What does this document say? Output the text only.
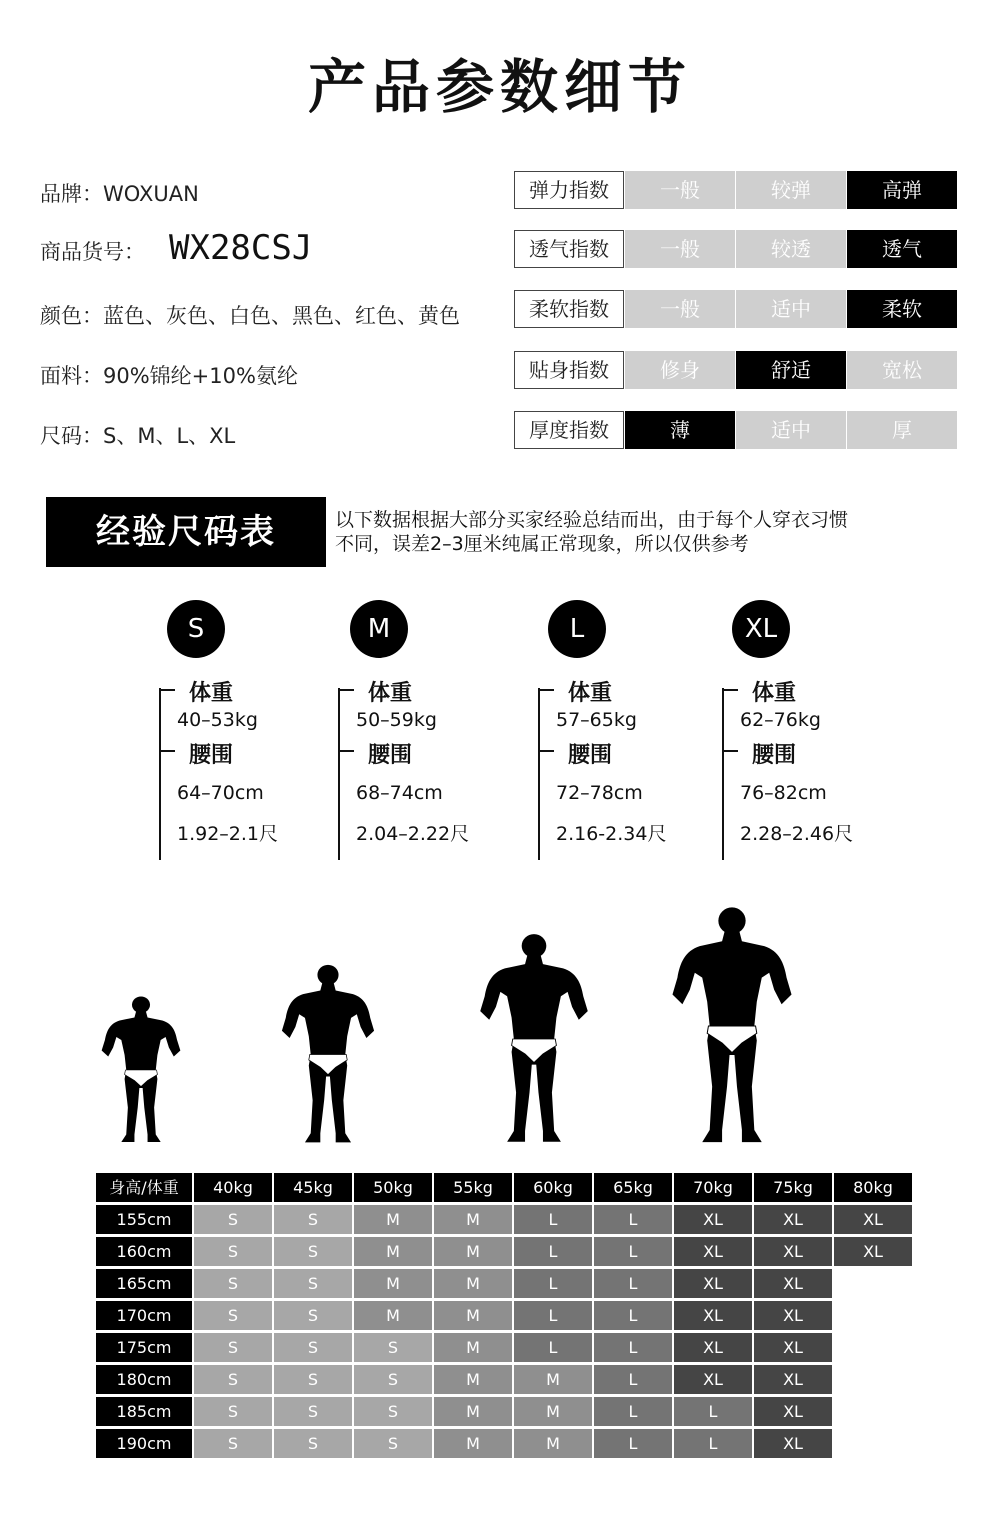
产品参数细节
品牌：WOXUAN
商品货号： WX28CSJ
颜色：蓝色、灰色、白色、黑色、红色、黄色
面料：90%锦纶+10%氨纶
尺码：S、M、L、XL
弹力指数	一般	较弹	高弹
透气指数	一般	较透	透气
柔软指数	一般	适中	柔软
贴身指数	修身	舒适	宽松
厚度指数	薄	适中	厚
经验尺码表	以下数据根据大部分买家经验总结而出，由于每个人穿衣习惯
不同，误差2–3厘米纯属正常现象，所以仅供参考
S
体重
40–53kg
腰围
64–70cm
1.92–2.1尺
M
体重
50–59kg
腰围
68–74cm
2.04–2.22尺
L
体重
57–65kg
腰围
72–78cm
2.16-2.34尺
XL
体重
62–76kg
腰围
76–82cm
2.28–2.46尺
身高/体重	40kg	45kg	50kg	55kg	60kg	65kg	70kg	75kg	80kg
155cm	S	S	M	M	L	L	XL	XL	XL
160cm	S	S	M	M	L	L	XL	XL	XL
165cm	S	S	M	M	L	L	XL	XL
170cm	S	S	M	M	L	L	XL	XL
175cm	S	S	S	M	L	L	XL	XL
180cm	S	S	S	M	M	L	XL	XL
185cm	S	S	S	M	M	L	L	XL
190cm	S	S	S	M	M	L	L	XL
